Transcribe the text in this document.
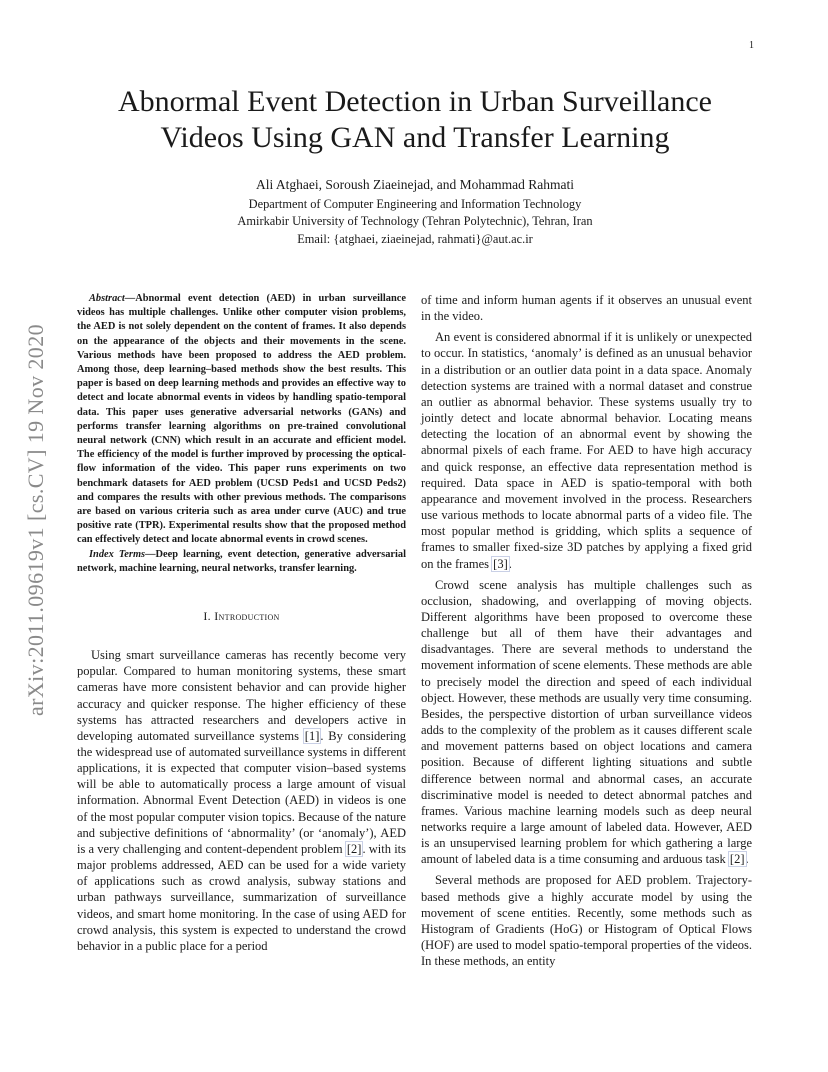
1
arXiv:2011.09619v1 [cs.CV] 19 Nov 2020
Abnormal Event Detection in Urban Surveillance
Videos Using GAN and Transfer Learning
Ali Atghaei, Soroush Ziaeinejad, and Mohammad Rahmati
Department of Computer Engineering and Information Technology
Amirkabir University of Technology (Tehran Polytechnic), Tehran, Iran
Email: {atghaei, ziaeinejad, rahmati}@aut.ac.ir

Abstract—Abnormal event detection (AED) in urban surveillance videos has multiple challenges. Unlike other computer vision problems, the AED is not solely dependent on the content of frames. It also depends on the appearance of the objects and their movements in the scene. Various methods have been proposed to address the AED problem. Among those, deep learning–based methods show the best results. This paper is based on deep learning methods and provides an effective way to detect and locate abnormal events in videos by handling spatio-temporal data. This paper uses generative adversarial networks (GANs) and performs transfer learning algorithms on pre-trained convolutional neural network (CNN) which result in an accurate and efficient model. The efficiency of the model is further improved by processing the optical-flow information of the video. This paper runs experiments on two benchmark datasets for AED problem (UCSD Peds1 and UCSD Peds2) and compares the results with other previous methods. The comparisons are based on various criteria such as area under curve (AUC) and true positive rate (TPR). Experimental results show that the proposed method can effectively detect and locate abnormal events in crowd scenes.

Index Terms—Deep learning, event detection, generative adversarial network, machine learning, neural networks, transfer learning.

I. Introduction

Using smart surveillance cameras has recently become very popular. Compared to human monitoring systems, these smart cameras have more consistent behavior and can provide higher accuracy and quicker response. The higher efficiency of these systems has attracted researchers and developers active in developing automated surveillance systems [1]. By considering the widespread use of automated surveillance systems in different applications, it is expected that computer vision–based systems will be able to automatically process a large amount of visual information. Abnormal Event Detection (AED) in videos is one of the most popular computer vision topics. Because of the nature and subjective definitions of ‘abnormality’ (or ‘anomaly’), AED is a very challenging and content-dependent problem [2]. with its major problems addressed, AED can be used for a wide variety of applications such as crowd analysis, subway stations and urban pathways surveillance, summarization of surveillance videos, and smart home monitoring. In the case of using AED for crowd analysis, this system is expected to understand the crowd behavior in a public place for a period

of time and inform human agents if it observes an unusual event in the video.

An event is considered abnormal if it is unlikely or unexpected to occur. In statistics, ‘anomaly’ is defined as an unusual behavior in a distribution or an outlier data point in a data space. Anomaly detection systems are trained with a normal dataset and construe an outlier as abnormal behavior. These systems usually try to jointly detect and locate abnormal behavior. Locating means detecting the location of an abnormal event by showing the abnormal pixels of each frame. For AED to have high accuracy and quick response, an effective data representation method is required. Data space in AED is spatio-temporal with both appearance and movement involved in the process. Researchers use various methods to locate abnormal parts of a video file. The most popular method is gridding, which splits a sequence of frames to smaller fixed-size 3D patches by applying a fixed grid on the frames [3].

Crowd scene analysis has multiple challenges such as occlusion, shadowing, and overlapping of moving objects. Different algorithms have been proposed to overcome these challenge but all of them have their advantages and disadvantages. There are several methods to understand the movement information of scene elements. These methods are able to precisely model the direction and speed of each individual object. However, these methods are usually very time consuming. Besides, the perspective distortion of urban surveillance videos adds to the complexity of the problem as it causes different scale and movement patterns based on object locations and camera position. Because of different lighting situations and subtle difference between normal and abnormal cases, an accurate discriminative model is needed to detect abnormal patches and frames. Various machine learning models such as deep neural networks require a large amount of labeled data. However, AED is an unsupervised learning problem for which gathering a large amount of labeled data is a time consuming and arduous task [2].

Several methods are proposed for AED problem. Trajectory-based methods give a highly accurate model by using the movement of scene entities. Recently, some methods such as Histogram of Gradients (HoG) or Histogram of Optical Flows (HOF) are used to model spatio-temporal properties of the videos. In these methods, an entity
